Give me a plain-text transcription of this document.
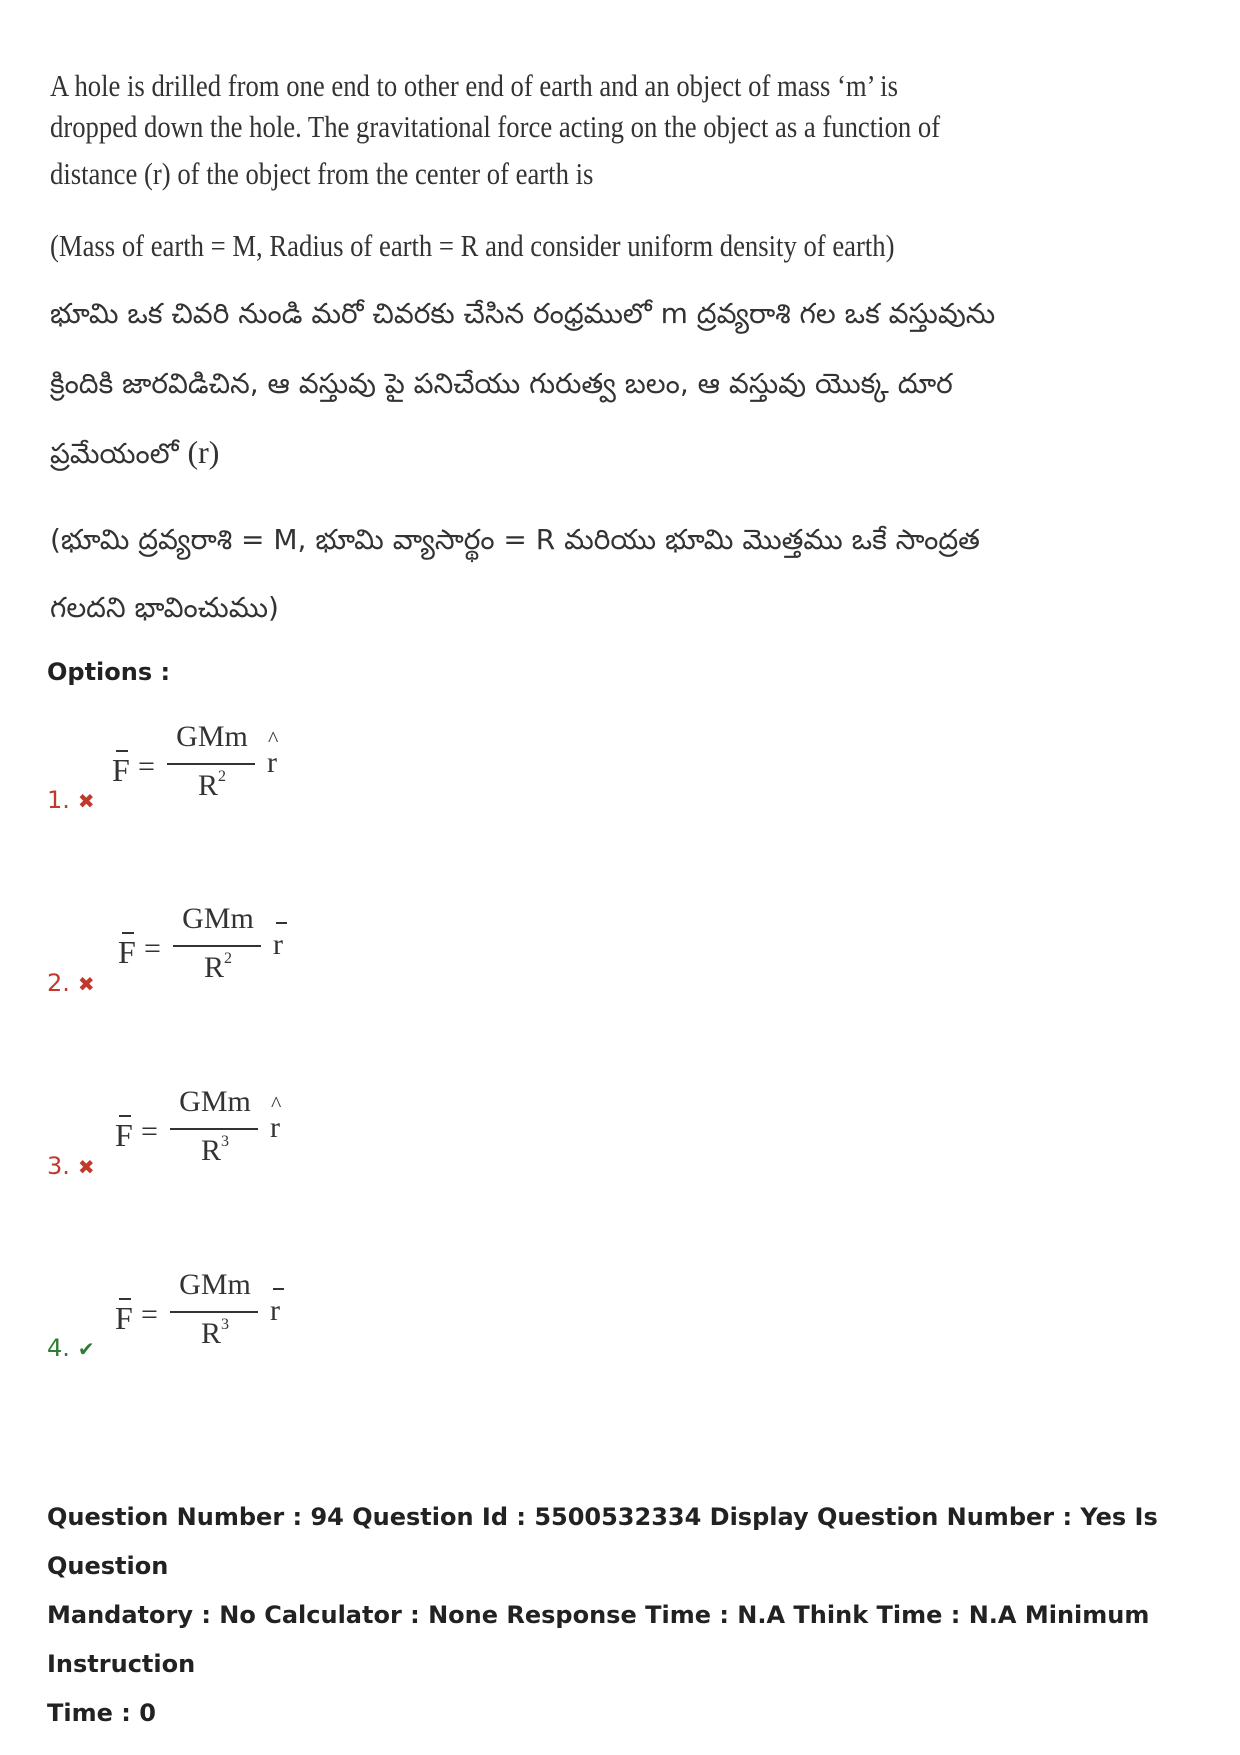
A hole is drilled from one end to other end of earth and an object of mass ‘m’ is

dropped down the hole. The gravitational force acting on the object as a function of

distance (r) of the object from the center of earth is

(Mass of earth = M, Radius of earth = R and consider uniform density of earth)

భూమి ఒక చివరి నుండి మరో చివరకు చేసిన రంధ్రములో m ద్రవ్యరాశి గల ఒక వస్తువును

క్రిందికి జారవిడిచిన, ఆ వస్తువు పై పనిచేయు గురుత్వ బలం, ఆ వస్తువు యొక్క దూర

ప్రమేయంలో (r)

(భూమి ద్రవ్యరాశి = M, భూమి వ్యాసార్థం = R మరియు భూమి మొత్తము ఒకే సాంద్రత

గలదని భావించుము)

Options :
F =
GMm
$R^2$
^
r
1. ✖
F =
GMm
$R^2$	r
2. ✖
F =
GMm
$R^3$
^
r
3. ✖
F =
GMm
$R^3$	r
4. ✔
Question Number : 94 Question Id : 5500532334 Display Question Number : Yes Is Question
Mandatory : No Calculator : None Response Time : N.A Think Time : N.A Minimum Instruction
Time : 0
